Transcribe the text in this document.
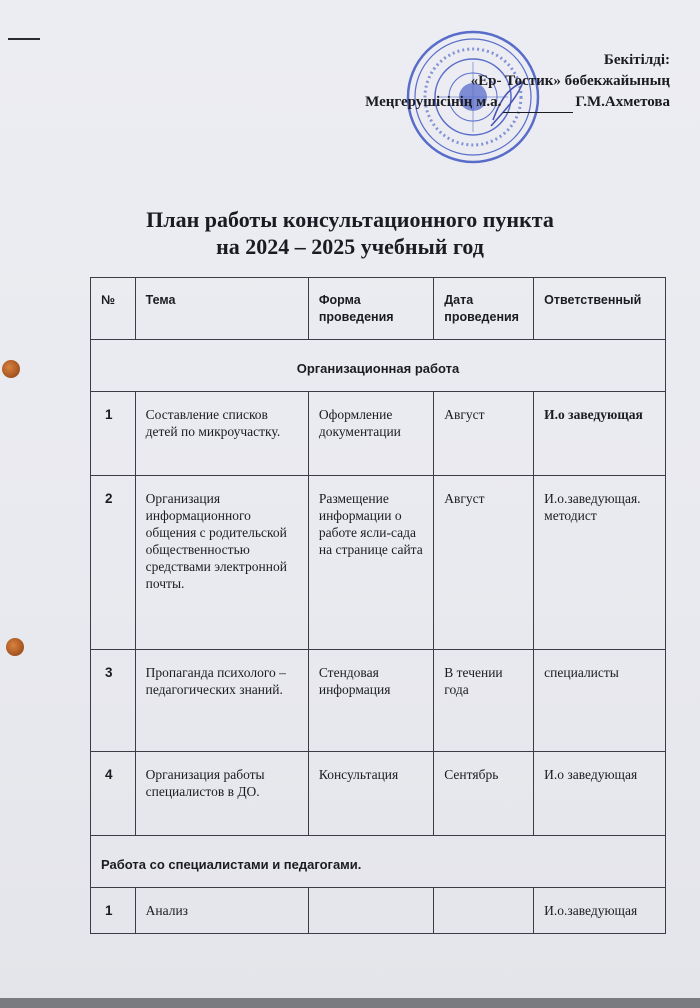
Бекітілді:
«Ер- Тостик» бөбекжайының
Меңгерушісінің м.а.	Г.М.Ахметова
План работы консультационного пункта
на 2024 – 2025 учебный год
№	Тема	Форма проведения	Дата проведения	Ответственный
Организационная работа				
1	Составление списков детей по микроучастку.	Оформление документации	Август	И.о заведующая
2	Организация информационного общения с родительской общественностью средствами электронной почты.	Размещение информации о работе ясли-сада на странице сайта	Август	И.о.заведующая. методист
3	Пропаганда психолого – педагогических знаний.	Стендовая информация	В течении года	специалисты
4	Организация работы специалистов в ДО.	Консультация	Сентябрь	И.о заведующая
Работа со специалистами и педагогами.				
1	Анализ			И.о.заведующая
